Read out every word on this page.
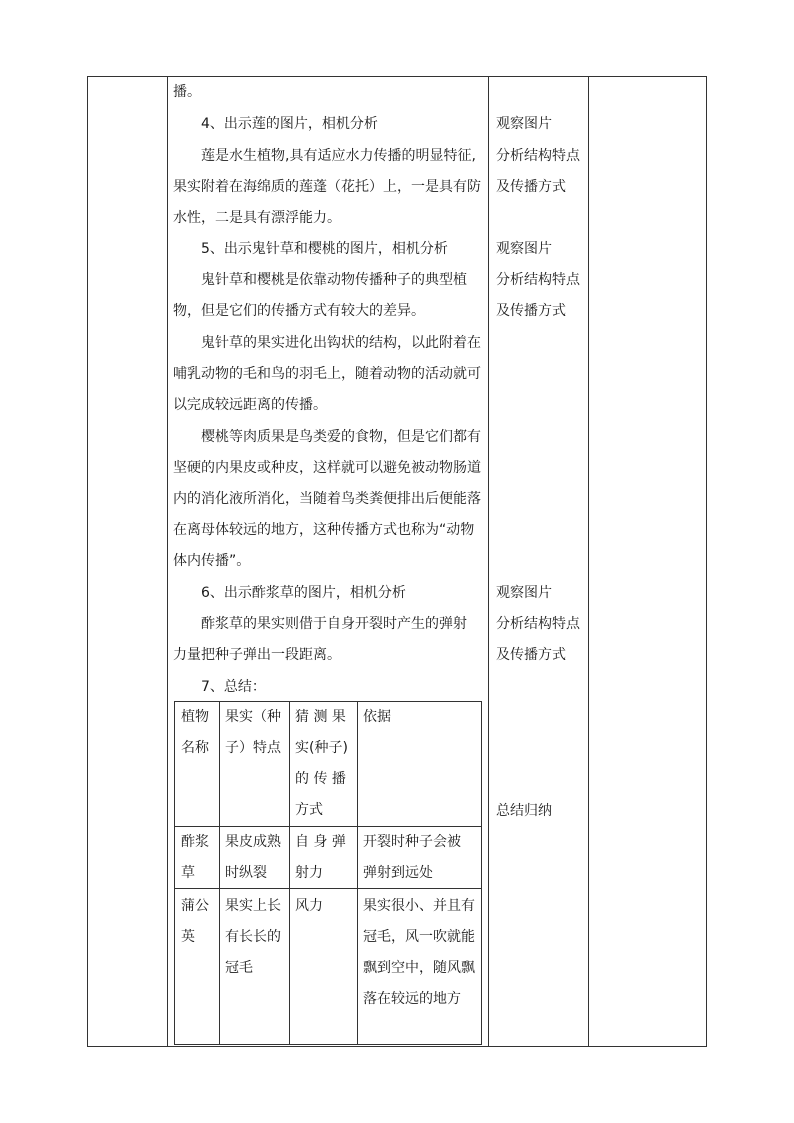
播。

4、出示莲的图片，相机分析

莲是水生植物,具有适应水力传播的明显特征,

果实附着在海绵质的莲蓬（花托）上，一是具有防

水性，二是具有漂浮能力。

5、出示鬼针草和樱桃的图片，相机分析

鬼针草和樱桃是依靠动物传播种子的典型植

物，但是它们的传播方式有较大的差异。

鬼针草的果实进化出钩状的结构，以此附着在

哺乳动物的毛和鸟的羽毛上，随着动物的活动就可

以完成较远距离的传播。

樱桃等肉质果是鸟类爱的食物，但是它们都有

坚硬的内果皮或种皮，这样就可以避免被动物肠道

内的消化液所消化，当随着鸟类粪便排出后便能落

在离母体较远的地方，这种传播方式也称为“动物

体内传播”。

6、出示酢浆草的图片，相机分析

酢浆草的果实则借于自身开裂时产生的弹射

力量把种子弹出一段距离。

7、总结：

观察图片

分析结构特点

及传播方式

观察图片

分析结构特点

及传播方式

观察图片

分析结构特点

及传播方式

总结归纳

植物
名称
果实（种
子）特点
猜 测 果
实(种子)
的 传 播
方式
依据
酢浆
草
果皮成熟
时纵裂
自 身 弹
射力
开裂时种子会被
弹射到远处
蒲公
英
果实上长
有长长的
冠毛
风力	果实很小、并且有
冠毛，风一吹就能
飘到空中，随风飘
落在较远的地方
